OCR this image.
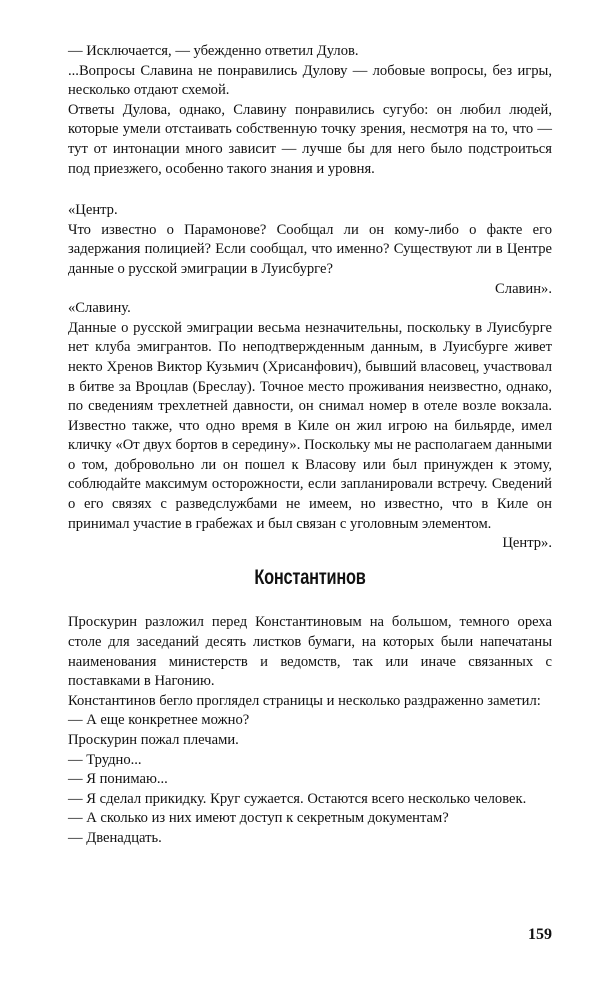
— Исключается, — убежденно ответил Дулов.

...Вопросы Славина не понравились Дулову — лобовые вопросы, без игры, несколько отдают схемой.

Ответы Дулова, однако, Славину понравились сугубо: он любил людей, которые умели отстаивать собственную точку зрения, несмотря на то, что — тут от интонации много зависит — лучше бы для него было подстроиться под приезжего, особенно такого знания и уровня.

«Центр.

Что известно о Парамонове? Сообщал ли он кому-либо о факте его задержания полицией? Если сообщал, что именно? Существуют ли в Центре данные о русской эмиграции в Луисбурге?

Славин».

«Славину.

Данные о русской эмиграции весьма незначительны, поскольку в Луисбурге нет клуба эмигрантов. По неподтвержденным данным, в Луисбурге живет некто Хренов Виктор Кузьмич (Хрисанфович), бывший власовец, участвовал в битве за Вроцлав (Бреслау). Точное место проживания неизвестно, однако, по сведениям трехлетней давности, он снимал номер в отеле возле вокзала. Известно также, что одно время в Киле он жил игрою на бильярде, имел кличку «От двух бортов в середину». Поскольку мы не располагаем данными о том, добровольно ли он пошел к Власову или был принужден к этому, соблюдайте максимум осторожности, если запланировали встречу. Сведений о его связях с разведслужбами не имеем, но известно, что в Киле он принимал участие в грабежах и был связан с уголовным элементом.

Центр».

Константинов

Проскурин разложил перед Константиновым на большом, темного ореха столе для заседаний десять листков бумаги, на которых были напечатаны наименования министерств и ведомств, так или иначе связанных с поставками в Нагонию.

Константинов бегло проглядел страницы и несколько раздраженно заметил:

— А еще конкретнее можно?

Проскурин пожал плечами.

— Трудно...

— Я понимаю...

— Я сделал прикидку. Круг сужается. Остаются всего несколько человек.

— А сколько из них имеют доступ к секретным документам?

— Двенадцать.

159
